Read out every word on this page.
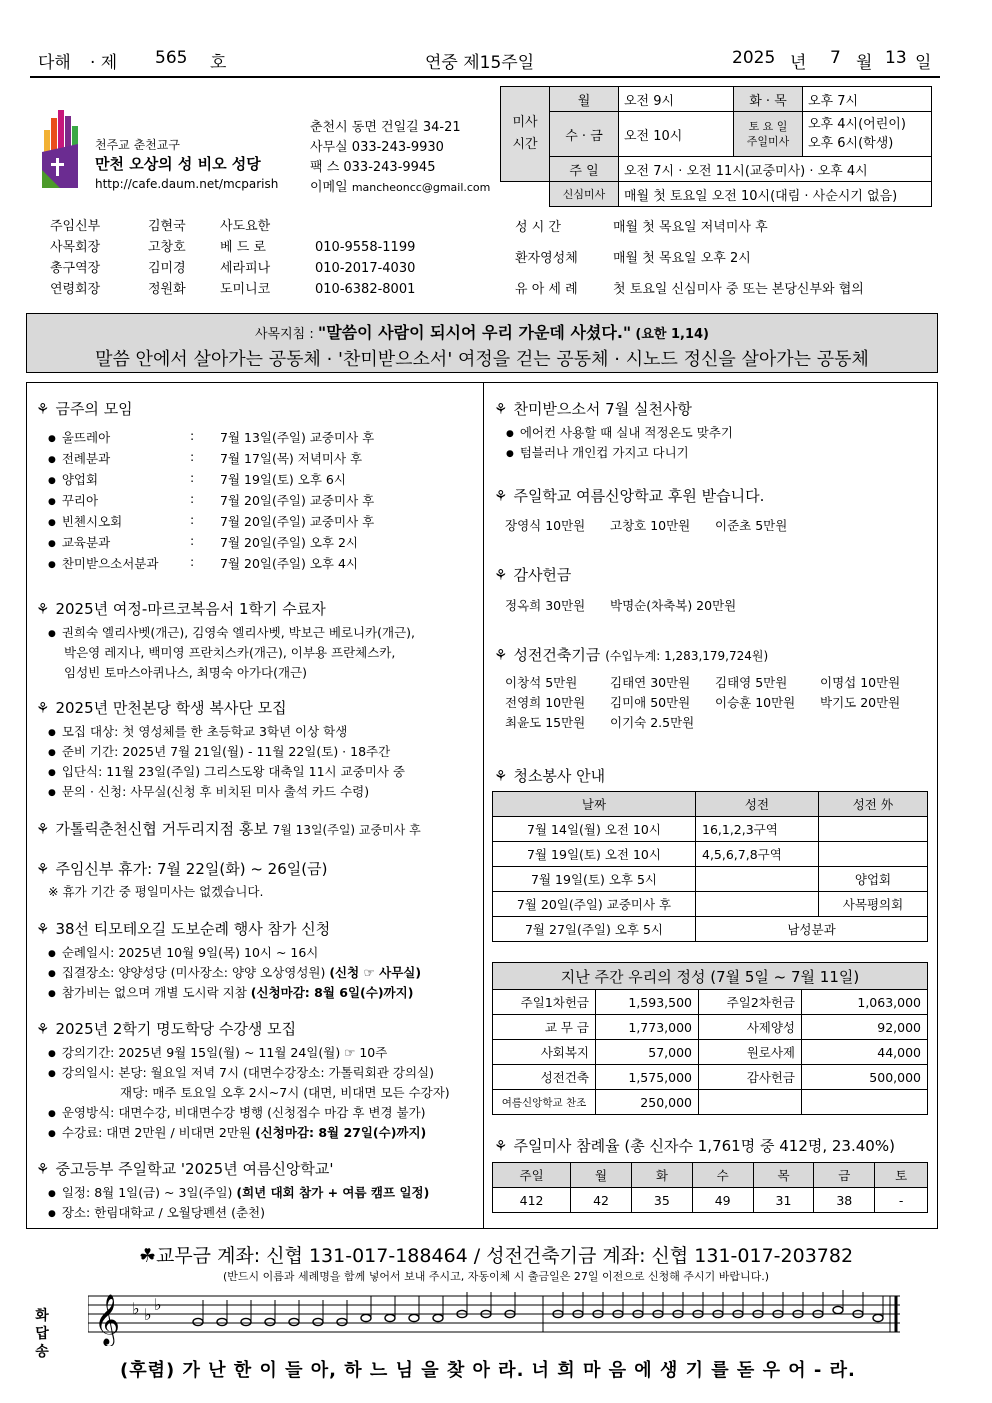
다해 · 제 565 호	연중 제15주일	2025 년 7 월 13 일
천주교 춘천교구
만천 오상의 성 비오 성당
http://cafe.daum.net/mcparish
춘천시 동면 건일길 34-21
사무실 033-243-9930
팩 스 033-243-9945
이메일 mancheoncc@gmail.com
미사
시간	월	오전 9시	화 · 목	오후 7시
	수 · 금	오전 10시	토 요 일
주일미사	오후 4시(어린이)
오후 6시(학생)
	주 일	오전 7시 · 오전 11시(교중미사) · 오후 4시		
	신심미사	매월 첫 토요일 오전 10시(대림 · 사순시기 없음)		
주임신부	김현국	사도요한
사목회장	고창호	베 드 로	010-9558-1199
총구역장	김미경	세라피나	010-2017-4030
연령회장	정원화	도미니코	010-6382-8001
성 시 간	매월 첫 목요일 저녁미사 후
환자영성체	매월 첫 목요일 오후 2시
유 아 세 례	첫 토요일 신심미사 중 또는 본당신부와 협의
사목지침 : "말씀이 사람이 되시어 우리 가운데 사셨다." (요한 1,14)
말씀 안에서 살아가는 공동체 · '찬미받으소서' 여정을 걷는 공동체 · 시노드 정신을 살아가는 공동체
⚘ 금주의 모임
● 울뜨레아	: 7월 13일(주일) 교중미사 후
● 전례분과	: 7월 17일(목) 저녁미사 후
● 양업회	: 7월 19일(토) 오후 6시
● 꾸리아	: 7월 20일(주일) 교중미사 후
● 빈첸시오회	: 7월 20일(주일) 교중미사 후
● 교육분과	: 7월 20일(주일) 오후 2시
● 찬미받으소서분과	: 7월 20일(주일) 오후 4시
⚘ 2025년 여정-마르코복음서 1학기 수료자
● 권희숙 엘리사벳(개근), 김영숙 엘리사벳, 박보근 베로니카(개근),
박은영 레지나, 백미영 프란치스카(개근), 이부용 프란체스카,
임성빈 토마스아퀴나스, 최명숙 아가다(개근)
⚘ 2025년 만천본당 학생 복사단 모집
● 모집 대상: 첫 영성체를 한 초등학교 3학년 이상 학생
● 준비 기간: 2025년 7월 21일(월) - 11월 22일(토) · 18주간
● 입단식: 11월 23일(주일) 그리스도왕 대축일 11시 교중미사 중
● 문의 · 신청: 사무실(신청 후 비치된 미사 출석 카드 수령)
⚘ 가톨릭춘천신협 거두리지점 홍보 7월 13일(주일) 교중미사 후
⚘ 주임신부 휴가: 7월 22일(화) ~ 26일(금)
※ 휴가 기간 중 평일미사는 없겠습니다.
⚘ 38선 티모테오길 도보순례 행사 참가 신청
● 순례일시: 2025년 10월 9일(목) 10시 ~ 16시
● 집결장소: 양양성당 (미사장소: 양양 오상영성원) (신청 ☞ 사무실)
● 참가비는 없으며 개별 도시락 지참 (신청마감: 8월 6일(수)까지)
⚘ 2025년 2학기 명도학당 수강생 모집
● 강의기간: 2025년 9월 15일(월) ~ 11월 24일(월) ☞ 10주
● 강의일시: 본당: 월요일 저녁 7시 (대면수강장소: 가톨릭회관 강의실)
재당: 매주 토요일 오후 2시~7시 (대면, 비대면 모든 수강자)
● 운영방식: 대면수강, 비대면수강 병행 (신청접수 마감 후 변경 불가)
● 수강료: 대면 2만원 / 비대면 2만원 (신청마감: 8월 27일(수)까지)
⚘ 중고등부 주일학교 '2025년 여름신앙학교'
● 일정: 8월 1일(금) ~ 3일(주일) (희년 대회 참가 + 여름 캠프 일정)
● 장소: 한림대학교 / 오월당펜션 (춘천)
⚘ 찬미받으소서 7월 실천사항
● 에어컨 사용할 때 실내 적정온도 맞추기
● 텀블러나 개인컵 가지고 다니기
⚘ 주일학교 여름신앙학교 후원 받습니다.
장영식 10만원 고창호 10만원 이준초 5만원
⚘ 감사헌금
정옥희 30만원 박명순(차축복) 20만원
⚘ 성전건축기금 (수입누계: 1,283,179,724원)
이창석 5만원	김태연 30만원 김태영 5만원	이명섭 10만원
전영희 10만원 김미애 50만원 이승훈 10만원 박기도 20만원
최윤도 15만원 이기숙 2.5만원
⚘ 청소봉사 안내
날짜	성전	성전 外
7월 14일(월) 오전 10시	16,1,2,3구역	
7월 19일(토) 오전 10시	4,5,6,7,8구역	
7월 19일(토) 오후 5시		양업회
7월 20일(주일) 교중미사 후		사목평의회
7월 27일(주일) 오후 5시	남성분과	
지난 주간 우리의 정성 (7월 5일 ~ 7월 11일)			
주일1차헌금	1,593,500	주일2차헌금	1,063,000
교 무 금	1,773,000	사제양성	92,000
사회복지	57,000	원로사제	44,000
성전건축	1,575,000	감사헌금	500,000
여름신앙학교 찬조	250,000		
⚘ 주일미사 참례율 (총 신자수 1,761명 중 412명, 23.40%)
주일	월	화	수	목	금	토
412	42	35	49	31	38	-
☘교무금 계좌: 신협 131-017-188464 / 성전건축기금 계좌: 신협 131-017-203782
(반드시 이름과 세례명을 함께 넣어서 보내 주시고, 자동이체 시 출금일은 27일 이전으로 신청해 주시기 바랍니다.)
화
답
송
𝄞 ♭ ♭
♭
(후렴) 가 난 한 이 들 아, 하 느 님 을 찾 아 라. 너 희 마 음 에 생 기 를 돋 우 어 - 라.
